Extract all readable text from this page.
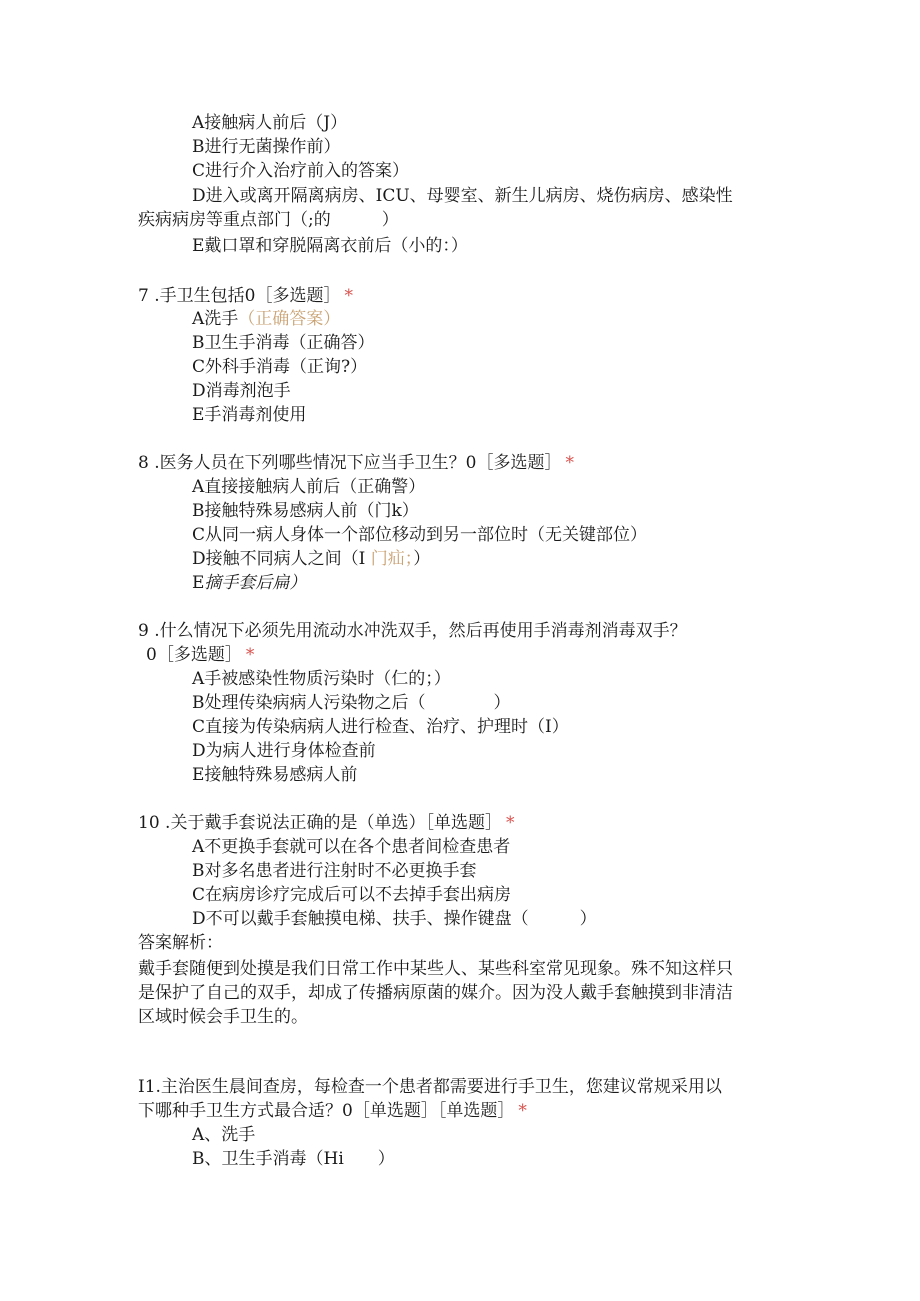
A接触病人前后（J）
B进行无菌操作前）
C进行介入治疗前入的答案）
D进入或离开隔离病房、ICU、母婴室、新生儿病房、烧伤病房、感染性
疾病病房等重点部门（;的　　　）
E戴口罩和穿脱隔离衣前后（小的：）
7 .手卫生包括0［多选题］ *
A洗手（正确答案）
B卫生手消毒（正确答）
C外科手消毒（正询?）
D消毒剂泡手
E手消毒剂使用
8 .医务人员在下列哪些情况下应当手卫生？0［多选题］ *
A直接接触病人前后（正确警）
B接触特殊易感病人前（门k）
C从同一病人身体一个部位移动到另一部位时（无关键部位）
D接触不同病人之间（I 门疝；）
E摘手套后扁）
9 .什么情况下必须先用流动水冲洗双手，然后再使用手消毒剂消毒双手？
0［多选题］ *
A手被感染性物质污染时（仁的；）
B处理传染病病人污染物之后（　　　　）
C直接为传染病病人进行检查、治疗、护理时（I）
D为病人进行身体检查前
E接触特殊易感病人前
10 .关于戴手套说法正确的是（单选）［单选题］ *
A不更换手套就可以在各个患者间检查患者
B对多名患者进行注射时不必更换手套
C在病房诊疗完成后可以不去掉手套出病房
D不可以戴手套触摸电梯、扶手、操作键盘（　　　）
答案解析：
戴手套随便到处摸是我们日常工作中某些人、某些科室常见现象。殊不知这样只
是保护了自己的双手，却成了传播病原菌的媒介。因为没人戴手套触摸到非清洁
区域时候会手卫生的。
I1.主治医生晨间查房，每检查一个患者都需要进行手卫生，您建议常规采用以
下哪种手卫生方式最合适？0［单选题］［单选题］ *
A、洗手
B、卫生手消毒（Hi　　）
